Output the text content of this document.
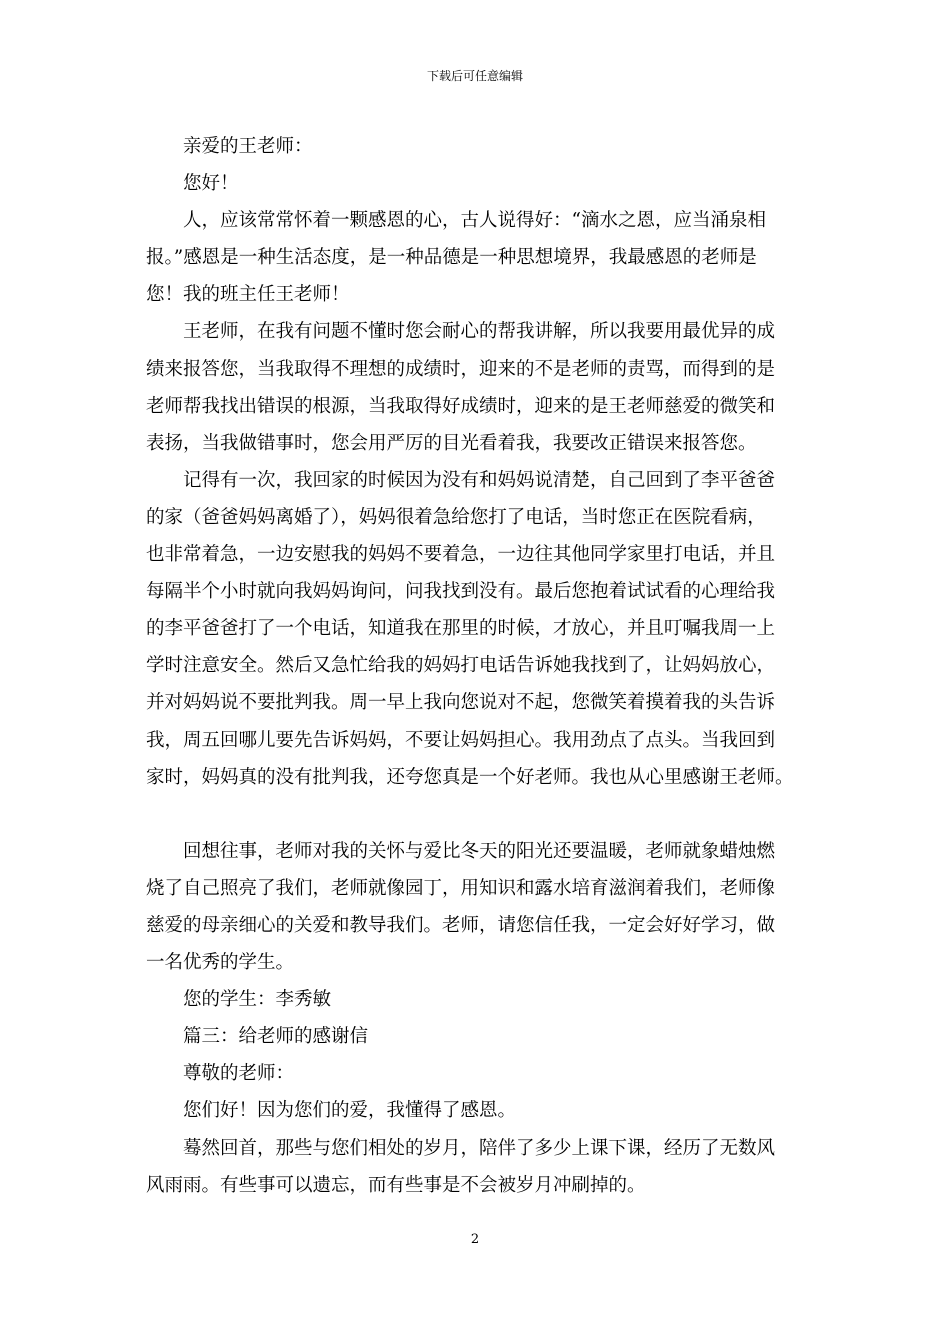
下载后可任意编辑
亲爱的王老师：
您好！
人，应该常常怀着一颗感恩的心，古人说得好：“滴水之恩，应当涌泉相
报。”感恩是一种生活态度，是一种品德是一种思想境界，我最感恩的老师是
您！我的班主任王老师！
王老师，在我有问题不懂时您会耐心的帮我讲解，所以我要用最优异的成
绩来报答您，当我取得不理想的成绩时，迎来的不是老师的责骂，而得到的是
老师帮我找出错误的根源，当我取得好成绩时，迎来的是王老师慈爱的微笑和
表扬，当我做错事时，您会用严厉的目光看着我，我要改正错误来报答您。
记得有一次，我回家的时候因为没有和妈妈说清楚，自己回到了李平爸爸
的家（爸爸妈妈离婚了），妈妈很着急给您打了电话，当时您正在医院看病，
也非常着急，一边安慰我的妈妈不要着急，一边往其他同学家里打电话，并且
每隔半个小时就向我妈妈询问，问我找到没有。最后您抱着试试看的心理给我
的李平爸爸打了一个电话，知道我在那里的时候，才放心，并且叮嘱我周一上
学时注意安全。然后又急忙给我的妈妈打电话告诉她我找到了，让妈妈放心，
并对妈妈说不要批判我。周一早上我向您说对不起，您微笑着摸着我的头告诉
我，周五回哪儿要先告诉妈妈，不要让妈妈担心。我用劲点了点头。当我回到
家时，妈妈真的没有批判我，还夸您真是一个好老师。我也从心里感谢王老师。
回想往事，老师对我的关怀与爱比冬天的阳光还要温暖，老师就象蜡烛燃
烧了自己照亮了我们，老师就像园丁，用知识和露水培育滋润着我们，老师像
慈爱的母亲细心的关爱和教导我们。老师，请您信任我，一定会好好学习，做
一名优秀的学生。
您的学生：李秀敏
篇三：给老师的感谢信
尊敬的老师：
您们好！因为您们的爱，我懂得了感恩。
蓦然回首，那些与您们相处的岁月，陪伴了多少上课下课，经历了无数风
风雨雨。有些事可以遗忘，而有些事是不会被岁月冲刷掉的。
2
